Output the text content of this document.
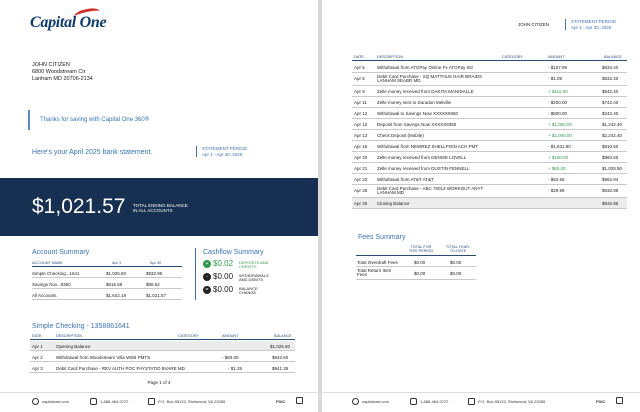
Capital One
JOHN CITIZEN
6800 Woodstream Cir
Lanham MD 20706-2134
Thanks for saving with Capital One 360®
Here's your April 2025 bank statement.
STATEMENT PERIOD
Apr 1 - Apr 30, 2025
$1,021.57 TOTAL ENDING BALANCE
IN ALL ACCOUNTS
Account Summary
ACCOUNT NAME	Apr 1	Apr 30
Simple Checking...1641	$1,025.60	$932.95
Savings Nov...9360	$616.58	$88.62
All Accounts	$1,642.18	$1,021.57
Cashflow Summary
+ $0.02 DEPOSITS AND CREDITS
- $0.00 WITHDRAWALS AND DEBITS
= $0.00 BALANCE CHANGE
Simple Checking - 1358861641
DATE	DESCRIPTION	CATEGORY	AMOUNT	BALANCE
Apr 1	Opening Balance	$1,025.60
Apr 2	Withdrawal from Woodstream Villa WEB PMTS	- $83.00	$942.60
Apr 3	Debit Card Purchase - REV AUTH POC PAYSTATIO BVARE MD	- $1.25	$941.35
Page 1 of 4
capitalone.com	1-888-464-0727	P.O. Box 85123, Richmond, VA 23285	FDIC
JOHN CITIZEN
STATEMENT PERIOD
Apr 1 - Apr 30, 2025
DATE	DESCRIPTION	CATEGORY	AMOUNT	BALANCE
Apr 5	Withdrawal from ATGPay Online Fx ATGPay Intl	- $107.99	$833.40
Apr 6	Debit Card Purchase - SQ MATTHUS HAIR BRAIDS LANHAM SEABR MD	- $1.09	$832.40
Apr 9	Zelle money received from DAKITA MANIDALLE	+ $110.00	$942.40
Apr 11 Zelle money sent to Duradon Melville	- $200.00	$742.40
Apr 12 Withdrawal to Savings Now XXXXX9360	- $500.00	$242.40
Apr 12 Deposit from Savings Now XXXXX9360	+ $1,000.00	$1,242.40
Apr 13 Check Deposit (Mobile)	+ $1,000.00	$2,242.40
Apr 15 Withdrawal from NEWREZ SHELLPOIN ACH PMT	- $1,631.90	$810.50
Apr 20 Zelle money received from DENISE LOVELL	+ $150.00	$960.50
Apr 21 Zelle money received from DUSTIN FENNELL	+ $65.00	$1,025.50
Apr 22 Withdrawal from AT&T AT&T	- $62.56	$962.94
Apr 30 Debit Card Purchase - ABC 70013 WORKOUT ANYT LANHAM MD	- $29.99	$932.95
Apr 30 Closing Balance	$932.95
Fees Summary
TOTAL FOR THIS PERIOD
TOTAL YEAR-TO-DATE
Total Overdraft Fees	$0.00	$0.00
Total Return Item Fees	$0.00	$0.00
capitalone.com	1-888-464-0727	P.O. Box 85123, Richmond, VA 23285	FDIC
